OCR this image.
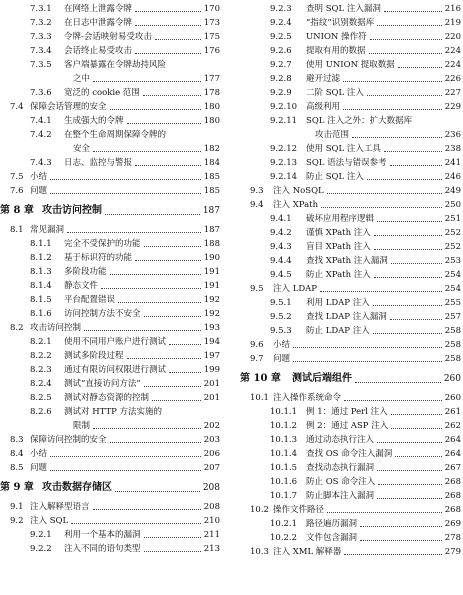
7.3.1 在网络上泄露令牌	170
7.3.2 在日志中泄露令牌	173
7.3.3 令牌-会话映射易受攻击	175
7.3.4 会话终止易受攻击	176
7.3.5 客户端暴露在令牌劫持风险
之中	177
7.3.6 宽泛的 cookie 范围	178
7.4 保障会话管理的安全	180
7.4.1 生成强大的令牌	180
7.4.2 在整个生命周期保障令牌的
安全	182
7.4.3 日志、监控与警报	184
7.5 小结	185
7.6 问题	185
第 8 章 攻击访问控制	187
8.1 常见漏洞	187
8.1.1 完全不受保护的功能	188
8.1.2 基于标识符的功能	190
8.1.3 多阶段功能	191
8.1.4 静态文件	191
8.1.5 平台配置错误	192
8.1.6 访问控制方法不安全	192
8.2 攻击访问控制	193
8.2.1 使用不同用户账户进行测试	194
8.2.2 测试多阶段过程	197
8.2.3 通过有限访问权限进行测试	199
8.2.4 测试“直接访问方法”	201
8.2.5 测试对静态资源的控制	201
8.2.6 测试对 HTTP 方法实施的
限制	202
8.3 保障访问控制的安全	203
8.4 小结	206
8.5 问题	207
第 9 章 攻击数据存储区	208
9.1 注入解释型语言	208
9.2 注入 SQL	210
9.2.1 利用一个基本的漏洞	211
9.2.2 注入不同的语句类型	213
9.2.3 查明 SQL 注入漏洞	216
9.2.4 “指纹”识别数据库	219
9.2.5 UNION 操作符	220
9.2.6 提取有用的数据	224
9.2.7 使用 UNION 提取数据	224
9.2.8 避开过滤	226
9.2.9 二阶 SQL 注入	227
9.2.10 高级利用	229
9.2.11 SQL 注入之外：扩大数据库
攻击范围	236
9.2.12 使用 SQL 注入工具	238
9.2.13 SQL 语法与错误参考	241
9.2.14 防止 SQL 注入	246
9.3 注入 NoSQL	249
9.4 注入 XPath	250
9.4.1 破坏应用程序逻辑	251
9.4.2 谨慎 XPath 注入	252
9.4.3 盲目 XPath 注入	252
9.4.4 查找 XPath 注入漏洞	253
9.4.5 防止 XPath 注入	254
9.5 注入 LDAP	254
9.5.1 利用 LDAP 注入	255
9.5.2 查找 LDAP 注入漏洞	257
9.5.3 防止 LDAP 注入	258
9.6 小结	258
9.7 问题	258
第 10 章 测试后端组件	260
10.1 注入操作系统命令	260
10.1.1 例 1：通过 Perl 注入	261
10.1.2 例 2：通过 ASP 注入	262
10.1.3 通过动态执行注入	264
10.1.4 查找 OS 命令注入漏洞	264
10.1.5 查找动态执行漏洞	267
10.1.6 防止 OS 命令注入	268
10.1.7 防止脚本注入漏洞	268
10.2 操作文件路径	268
10.2.1 路径遍历漏洞	269
10.2.2 文件包含漏洞	278
10.3 注入 XML 解释器	279
